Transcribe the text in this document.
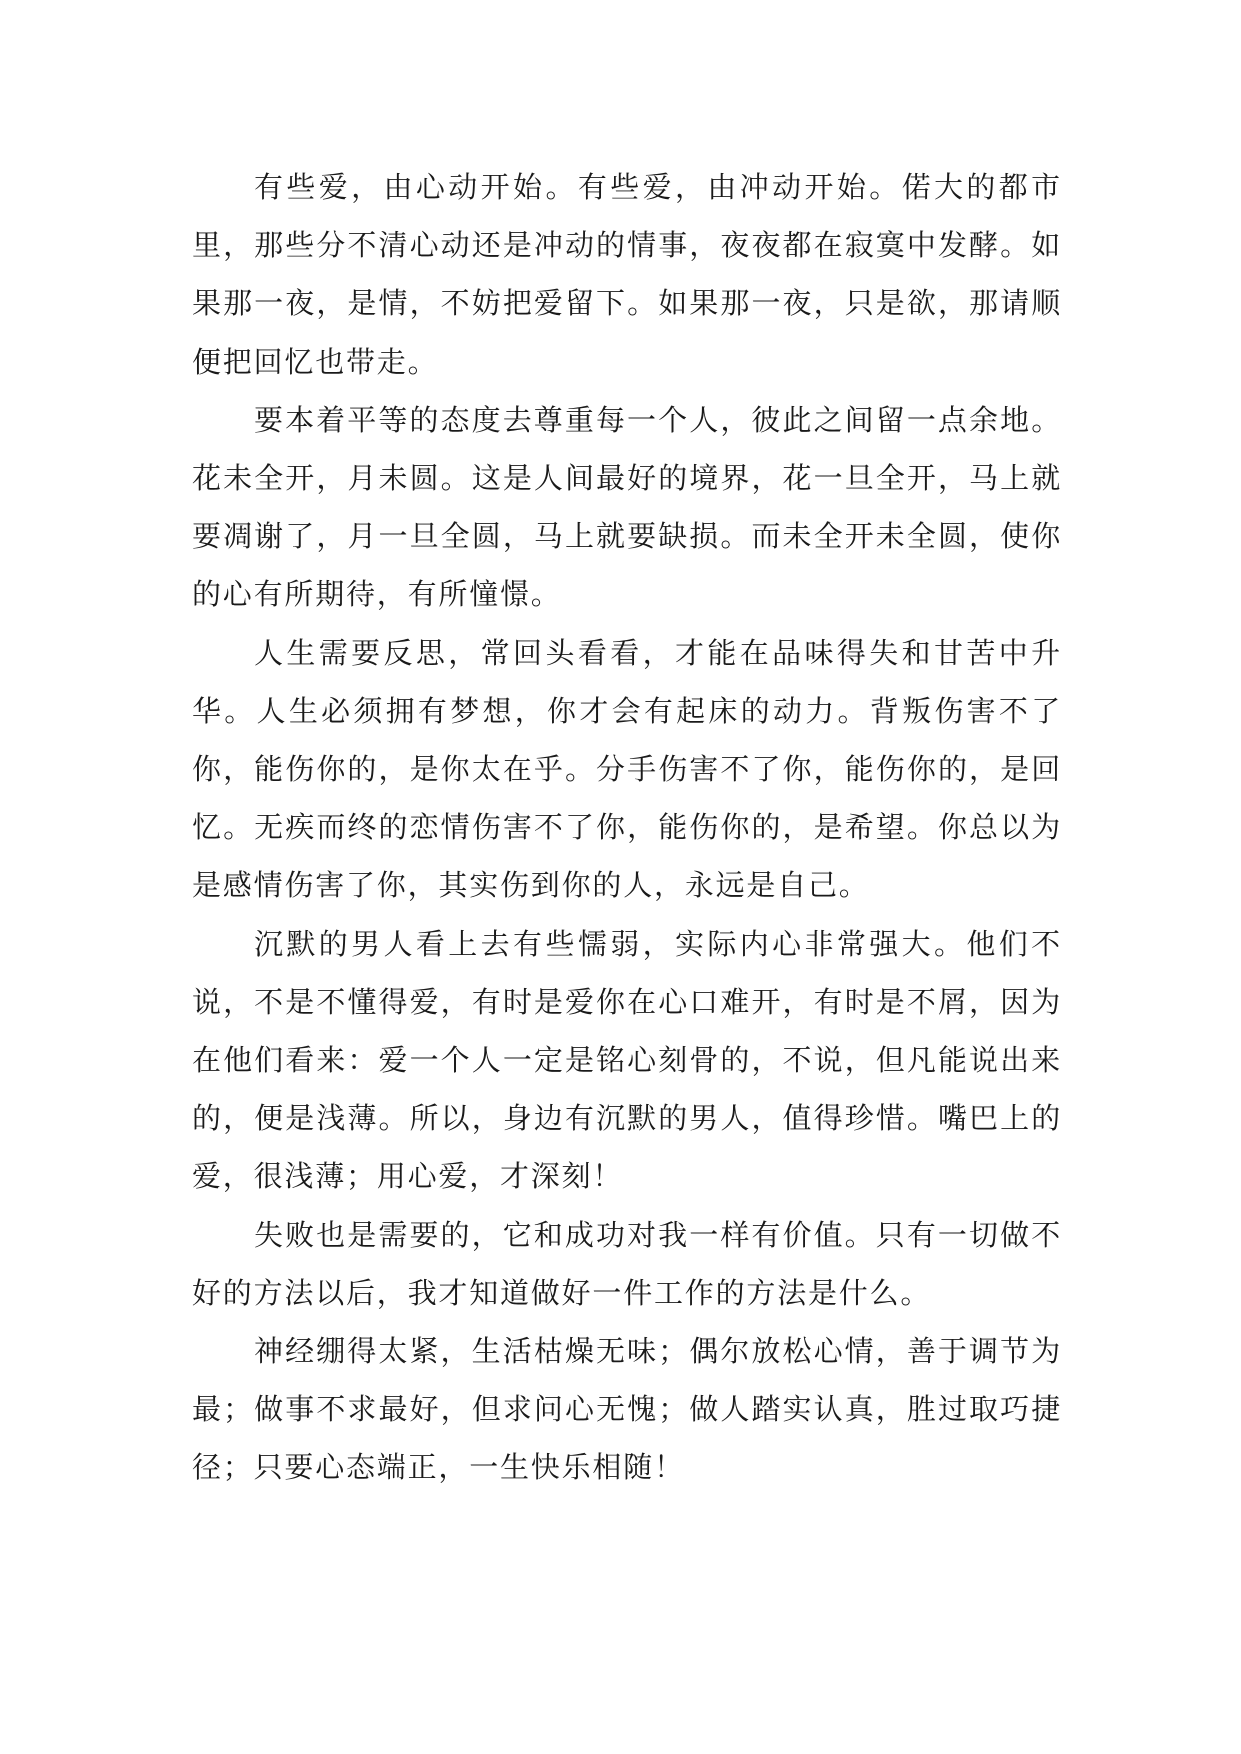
有些爱，由心动开始。有些爱，由冲动开始。偌大的都市里，那些分不清心动还是冲动的情事，夜夜都在寂寞中发酵。如果那一夜，是情，不妨把爱留下。如果那一夜，只是欲，那请顺便把回忆也带走。

要本着平等的态度去尊重每一个人，彼此之间留一点余地。花未全开，月未圆。这是人间最好的境界，花一旦全开，马上就要凋谢了，月一旦全圆，马上就要缺损。而未全开未全圆，使你的心有所期待，有所憧憬。

人生需要反思，常回头看看，才能在品味得失和甘苦中升华。人生必须拥有梦想，你才会有起床的动力。背叛伤害不了你，能伤你的，是你太在乎。分手伤害不了你，能伤你的，是回忆。无疾而终的恋情伤害不了你，能伤你的，是希望。你总以为是感情伤害了你，其实伤到你的人，永远是自己。

沉默的男人看上去有些懦弱，实际内心非常强大。他们不说，不是不懂得爱，有时是爱你在心口难开，有时是不屑，因为在他们看来：爱一个人一定是铭心刻骨的，不说，但凡能说出来的，便是浅薄。所以，身边有沉默的男人，值得珍惜。嘴巴上的爱，很浅薄；用心爱，才深刻！

失败也是需要的，它和成功对我一样有价值。只有一切做不好的方法以后，我才知道做好一件工作的方法是什么。

神经绷得太紧，生活枯燥无味；偶尔放松心情，善于调节为最；做事不求最好，但求问心无愧；做人踏实认真，胜过取巧捷径；只要心态端正，一生快乐相随！
